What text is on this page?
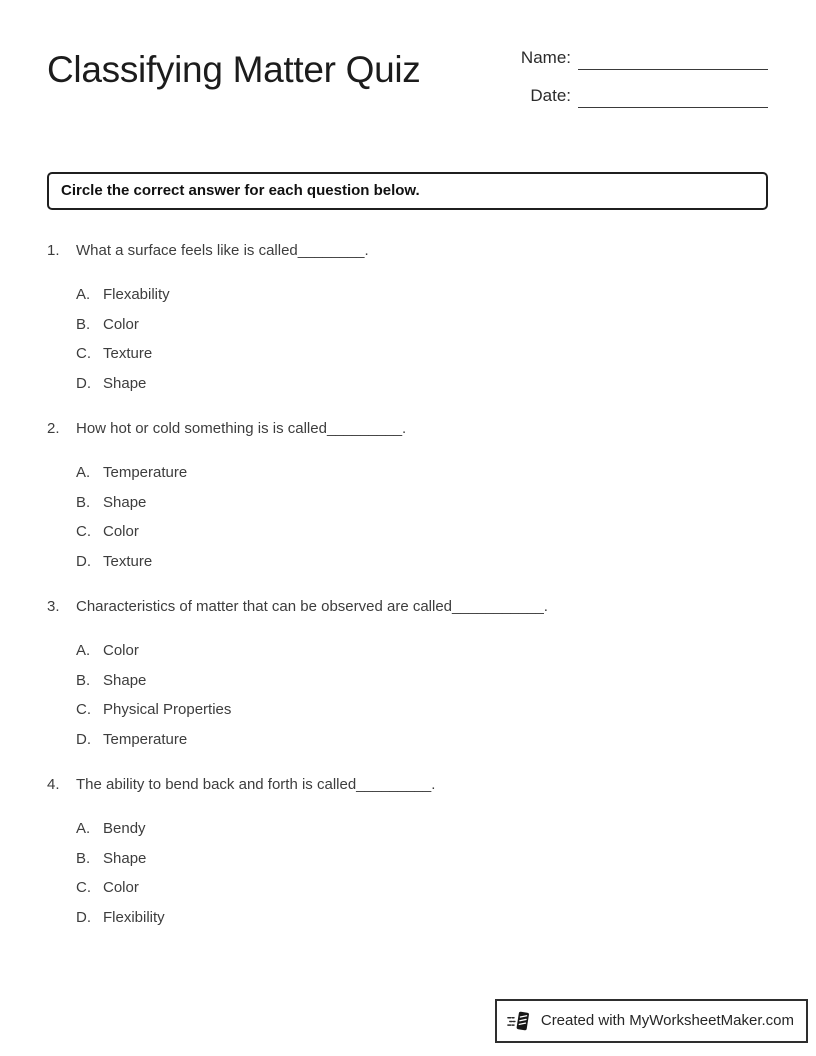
Classifying Matter Quiz	Name:
Date:
Circle the correct answer for each question below.
1.	What a surface feels like is called________.
A. Flexability
B. Color
C. Texture
D. Shape
2.	How hot or cold something is is called_________.
A. Temperature
B. Shape
C. Color
D. Texture
3.	Characteristics of matter that can be observed are called___________.
A. Color
B. Shape
C. Physical Properties
D. Temperature
4.	The ability to bend back and forth is called_________.
A. Bendy
B. Shape
C. Color
D. Flexibility
Created with MyWorksheetMaker.com
